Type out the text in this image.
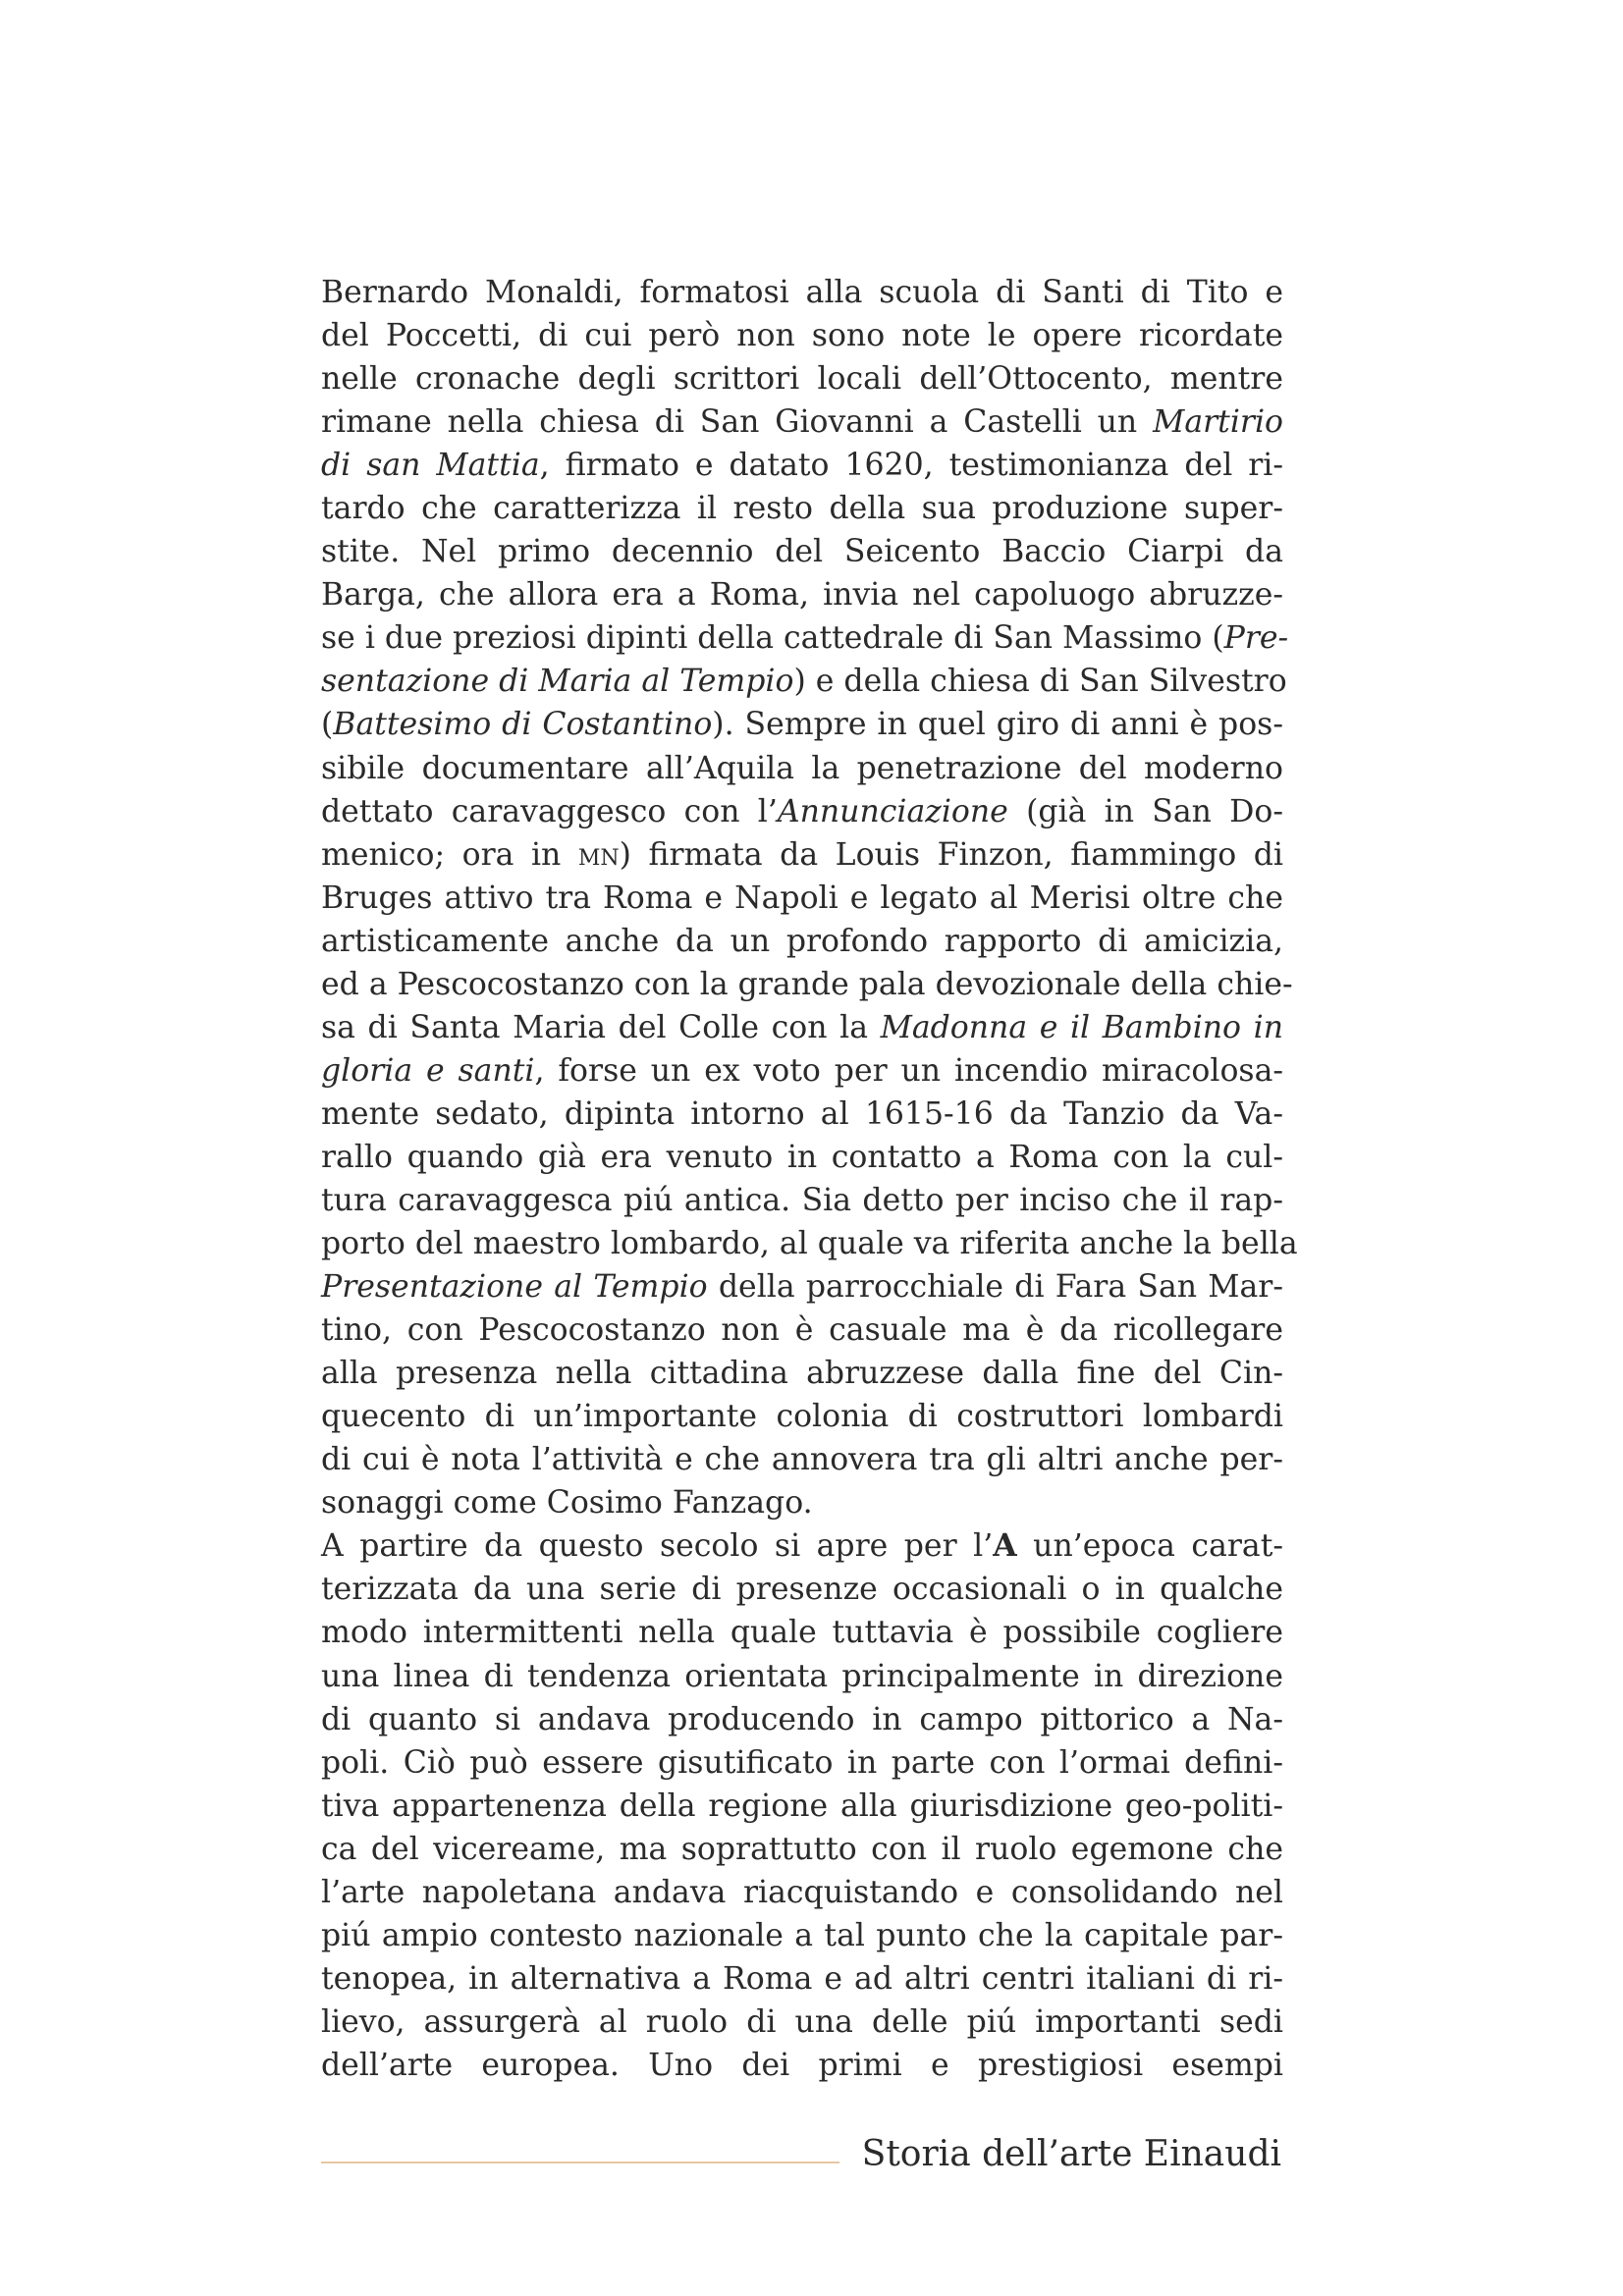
Bernardo Monaldi, formatosi alla scuola di Santi di Tito e
del Poccetti, di cui però non sono note le opere ricordate
nelle cronache degli scrittori locali dell’Ottocento, mentre
rimane nella chiesa di San Giovanni a Castelli un Martirio
di san Mattia, firmato e datato 1620, testimonianza del ri-
tardo che caratterizza il resto della sua produzione super-
stite. Nel primo decennio del Seicento Baccio Ciarpi da
Barga, che allora era a Roma, invia nel capoluogo abruzze-
se i due preziosi dipinti della cattedrale di San Massimo (Pre-
sentazione di Maria al Tempio) e della chiesa di San Silvestro
(Battesimo di Costantino). Sempre in quel giro di anni è pos-
sibile documentare all’Aquila la penetrazione del moderno
dettato caravaggesco con l’Annunciazione (già in San Do-
menico; ora in mn) firmata da Louis Finzon, fiammingo di
Bruges attivo tra Roma e Napoli e legato al Merisi oltre che
artisticamente anche da un profondo rapporto di amicizia,
ed a Pescocostanzo con la grande pala devozionale della chie-
sa di Santa Maria del Colle con la Madonna e il Bambino in
gloria e santi, forse un ex voto per un incendio miracolosa-
mente sedato, dipinta intorno al 1615-16 da Tanzio da Va-
rallo quando già era venuto in contatto a Roma con la cul-
tura caravaggesca piú antica. Sia detto per inciso che il rap-
porto del maestro lombardo, al quale va riferita anche la bella
Presentazione al Tempio della parrocchiale di Fara San Mar-
tino, con Pescocostanzo non è casuale ma è da ricollegare
alla presenza nella cittadina abruzzese dalla fine del Cin-
quecento di un’importante colonia di costruttori lombardi
di cui è nota l’attività e che annovera tra gli altri anche per-
sonaggi come Cosimo Fanzago.
A partire da questo secolo si apre per l’A un’epoca carat-
terizzata da una serie di presenze occasionali o in qualche
modo intermittenti nella quale tuttavia è possibile cogliere
una linea di tendenza orientata principalmente in direzione
di quanto si andava producendo in campo pittorico a Na-
poli. Ciò può essere gisutificato in parte con l’ormai defini-
tiva appartenenza della regione alla giurisdizione geo-politi-
ca del vicereame, ma soprattutto con il ruolo egemone che
l’arte napoletana andava riacquistando e consolidando nel
piú ampio contesto nazionale a tal punto che la capitale par-
tenopea, in alternativa a Roma e ad altri centri italiani di ri-
lievo, assurgerà al ruolo di una delle piú importanti sedi
dell’arte europea. Uno dei primi e prestigiosi esempi
Storia dell’arte Einaudi
